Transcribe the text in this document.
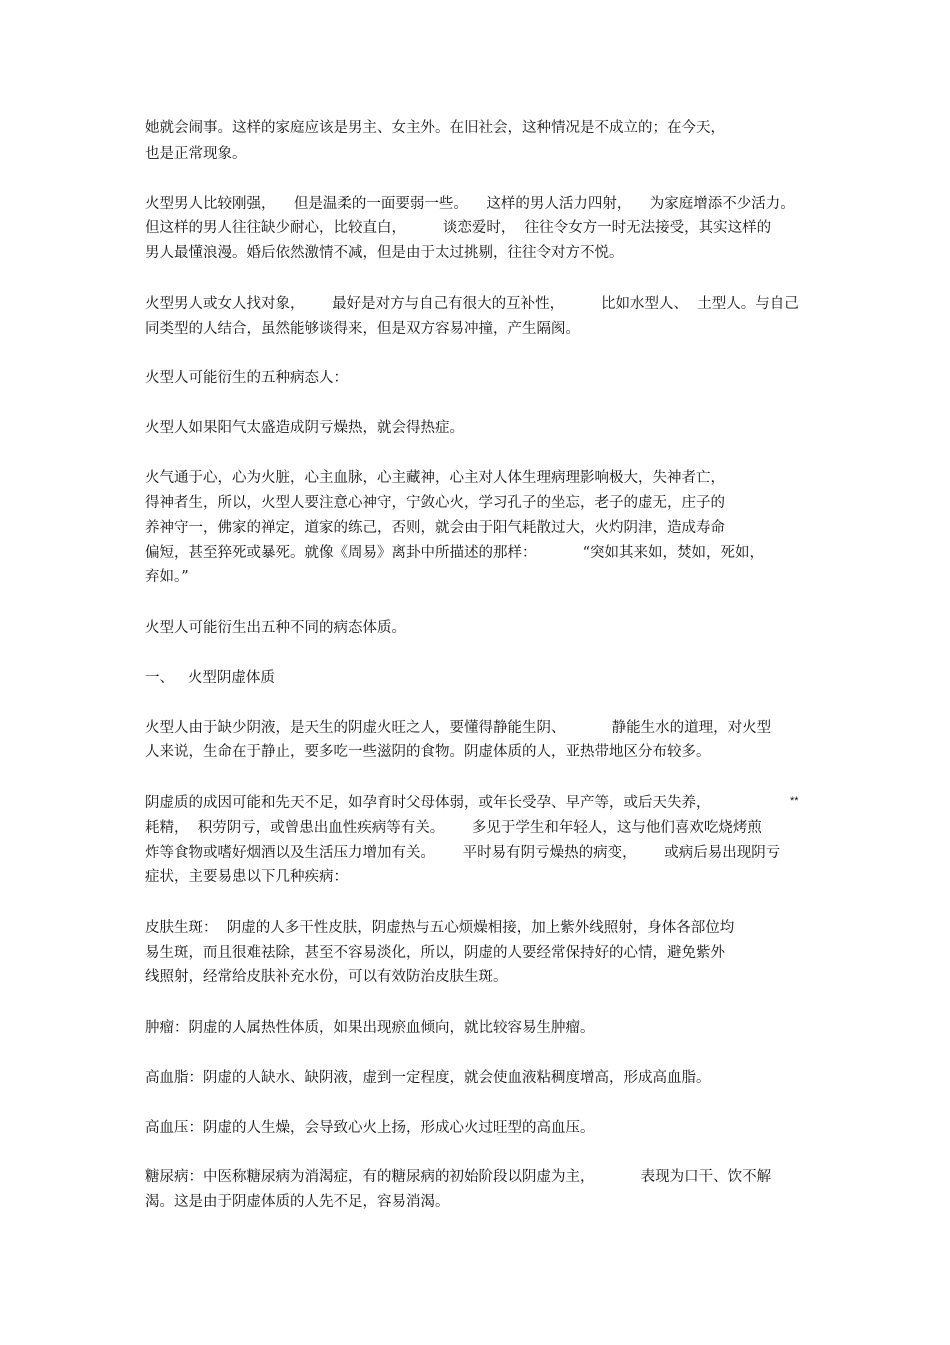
她就会闹事。这样的家庭应该是男主、女主外。在旧社会，这种情况是不成立的；在今天，

也是正常现象。

火型男人比较刚强，    但是温柔的一面要弱一些。    这样的男人活力四射，    为家庭增添不少活力。

但这样的男人往往缺少耐心，比较直白，        谈恋爱时，  往往令女方一时无法接受，其实这样的

男人最懂浪漫。婚后依然激情不减，但是由于太过挑剔，往往令对方不悦。

火型男人或女人找对象，      最好是对方与自己有很大的互补性，        比如水型人、  土型人。与自己

同类型的人结合，虽然能够谈得来，但是双方容易冲撞，产生隔阂。

火型人可能衍生的五种病态人：

火型人如果阳气太盛造成阴亏燥热，就会得热症。

火气通于心，心为火脏，心主血脉，心主藏神，心主对人体生理病理影响极大，失神者亡，

得神者生，所以，火型人要注意心神守，宁敛心火，学习孔子的坐忘，老子的虚无，庄子的

养神守一，佛家的禅定，道家的练己，否则，就会由于阳气耗散过大，火灼阴津，造成寿命

偏短，甚至猝死或暴死。就像《周易》离卦中所描述的那样：          “突如其来如，焚如，死如，

弃如。”

火型人可能衍生出五种不同的病态体质。

一、   火型阴虚体质

火型人由于缺少阴液，是天生的阴虚火旺之人，要懂得静能生阴、          静能生水的道理，对火型

人来说，生命在于静止，要多吃一些滋阴的食物。阴虚体质的人，亚热带地区分布较多。

阴虚质的成因可能和先天不足，如孕育时父母体弱，或年长受孕、早产等，或后天失养，	**

耗精，  积劳阴亏，或曾患出血性疾病等有关。      多见于学生和年轻人，这与他们喜欢吃烧烤煎

炸等食物或嗜好烟酒以及生活压力增加有关。      平时易有阴亏燥热的病变，      或病后易出现阴亏

症状，主要易患以下几种疾病：

皮肤生斑：  阴虚的人多干性皮肤，阴虚热与五心烦燥相接，加上紫外线照射，身体各部位均

易生斑，而且很难祛除，甚至不容易淡化，所以，阴虚的人要经常保持好的心情，避免紫外

线照射，经常给皮肤补充水份，可以有效防治皮肤生斑。

肿瘤：阴虚的人属热性体质，如果出现瘀血倾向，就比较容易生肿瘤。

高血脂：阴虚的人缺水、缺阴液，虚到一定程度，就会使血液粘稠度增高，形成高血脂。

高血压：阴虚的人生燥，会导致心火上扬，形成心火过旺型的高血压。

糖尿病：中医称糖尿病为消渴症，有的糖尿病的初始阶段以阴虚为主，          表现为口干、饮不解

渴。这是由于阴虚体质的人先不足，容易消渴。
